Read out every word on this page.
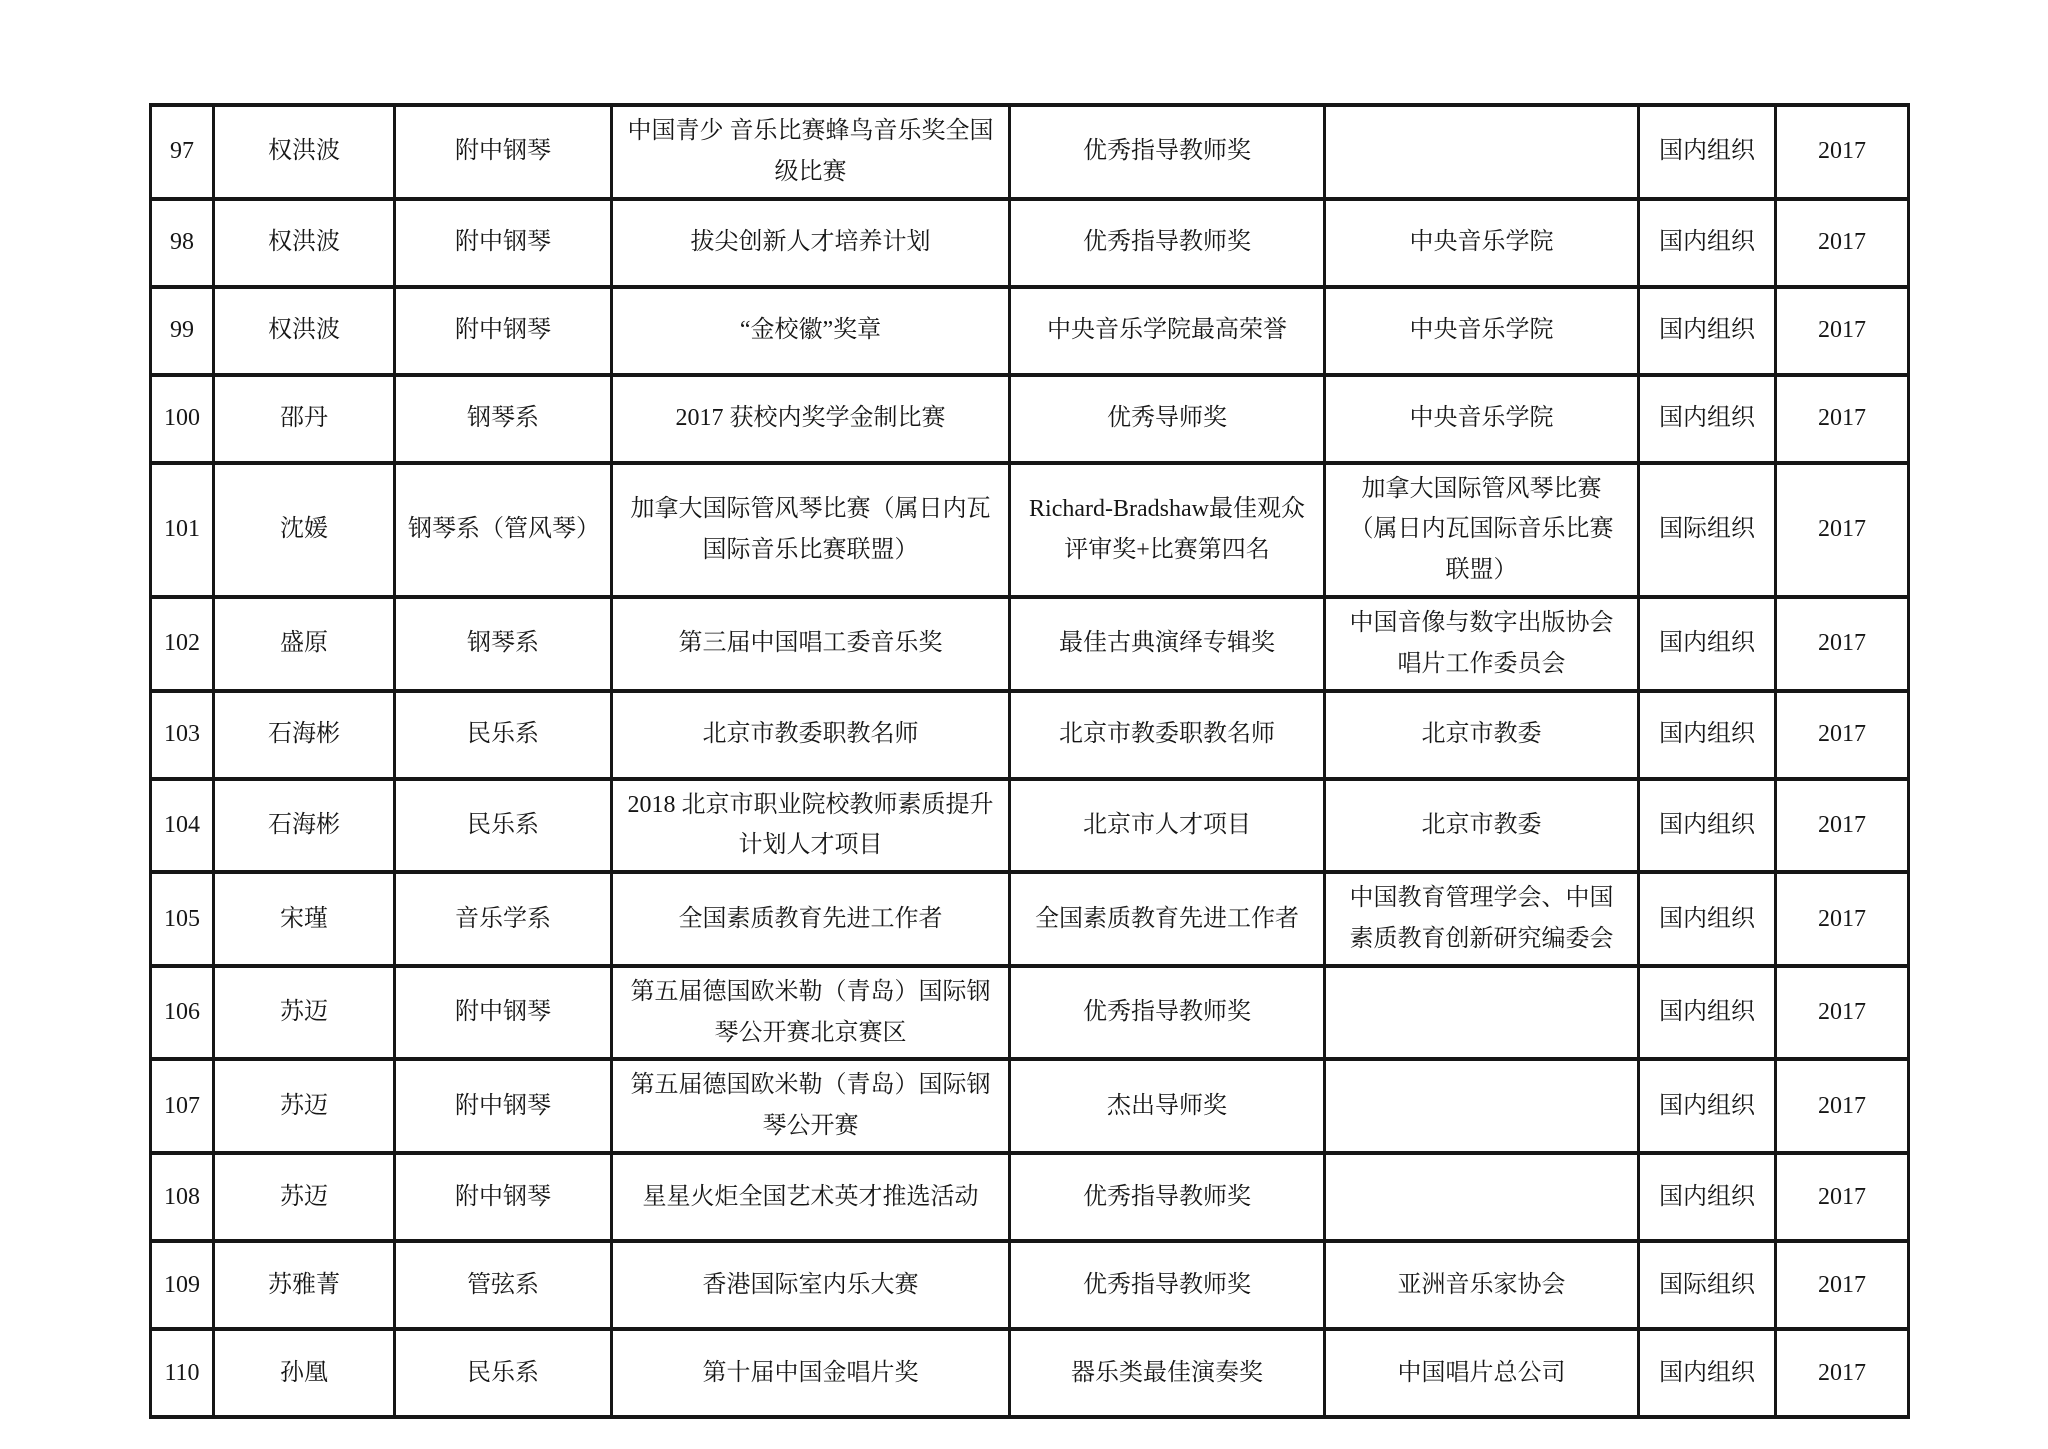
97	权洪波	附中钢琴	中国青少 音乐比赛蜂鸟音乐奖全国级比赛	优秀指导教师奖		国内组织	2017
98	权洪波	附中钢琴	拔尖创新人才培养计划	优秀指导教师奖	中央音乐学院	国内组织	2017
99	权洪波	附中钢琴	“金校徽”奖章	中央音乐学院最高荣誉	中央音乐学院	国内组织	2017
100	邵丹	钢琴系	2017 获校内奖学金制比赛	优秀导师奖	中央音乐学院	国内组织	2017
101	沈媛	钢琴系（管风琴）	加拿大国际管风琴比赛（属日内瓦国际音乐比赛联盟）	Richard-Bradshaw最佳观众评审奖+比赛第四名	加拿大国际管风琴比赛（属日内瓦国际音乐比赛联盟）	国际组织	2017
102	盛原	钢琴系	第三届中国唱工委音乐奖	最佳古典演绎专辑奖	中国音像与数字出版协会唱片工作委员会	国内组织	2017
103	石海彬	民乐系	北京市教委职教名师	北京市教委职教名师	北京市教委	国内组织	2017
104	石海彬	民乐系	2018 北京市职业院校教师素质提升计划人才项目	北京市人才项目	北京市教委	国内组织	2017
105	宋瑾	音乐学系	全国素质教育先进工作者	全国素质教育先进工作者	中国教育管理学会、中国素质教育创新研究编委会	国内组织	2017
106	苏迈	附中钢琴	第五届德国欧米勒（青岛）国际钢琴公开赛北京赛区	优秀指导教师奖		国内组织	2017
107	苏迈	附中钢琴	第五届德国欧米勒（青岛）国际钢琴公开赛	杰出导师奖		国内组织	2017
108	苏迈	附中钢琴	星星火炬全国艺术英才推选活动	优秀指导教师奖		国内组织	2017
109	苏雅菁	管弦系	香港国际室内乐大赛	优秀指导教师奖	亚洲音乐家协会	国际组织	2017
110	孙凰	民乐系	第十届中国金唱片奖	器乐类最佳演奏奖	中国唱片总公司	国内组织	2017
